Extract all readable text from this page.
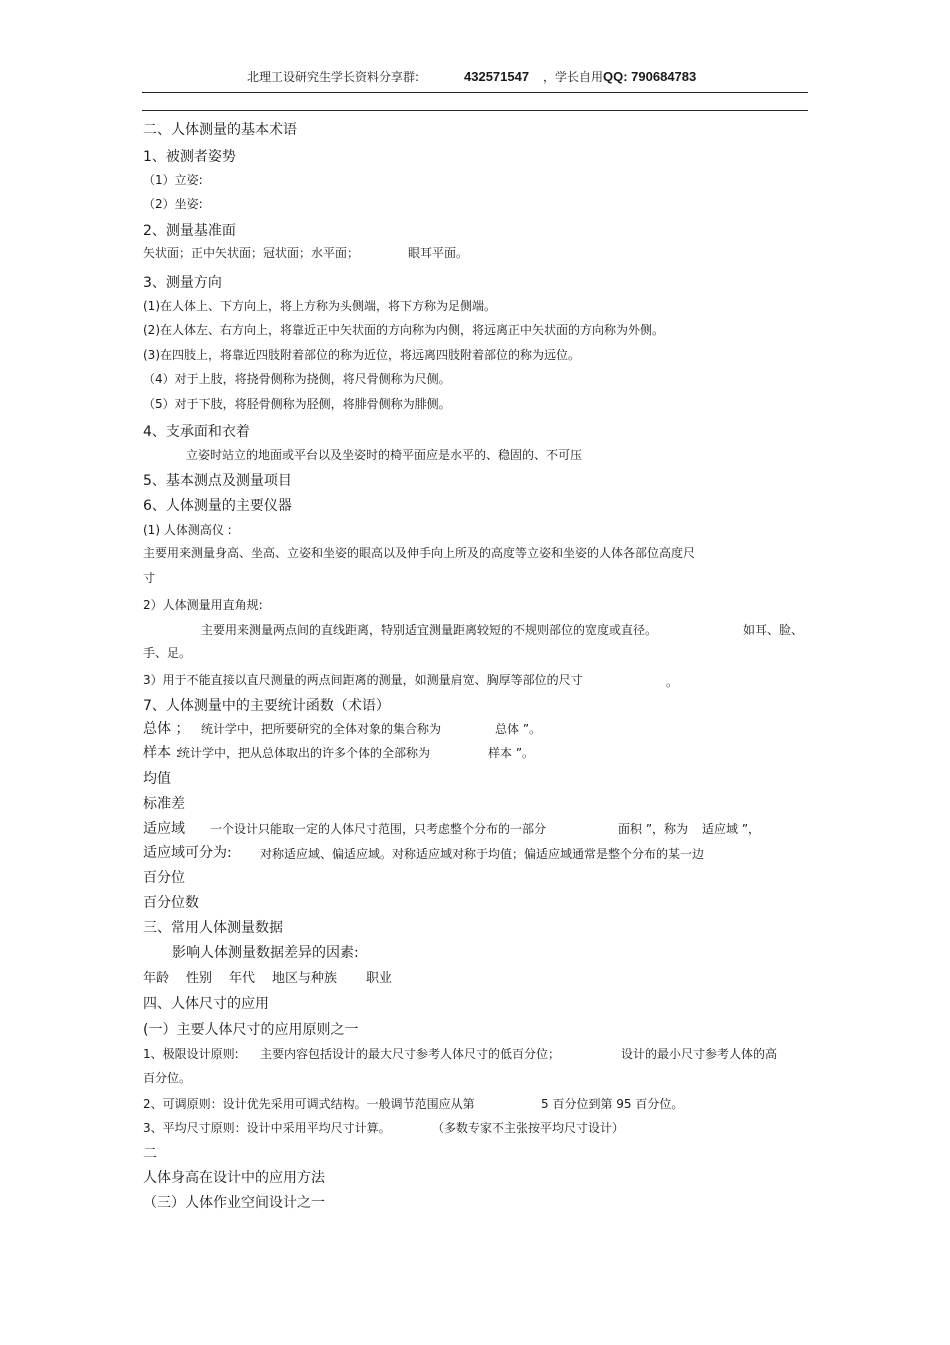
北理工设研究生学长资料分享群:	432571547 ，学长自用 QQ: 790684783
二、人体测量的基本术语
1、被测者姿势
（1）立姿:
（2）坐姿:
2、测量基准面
矢状面；正中矢状面；冠状面；水平面；	眼耳平面。
3、测量方向
(1)在人体上、下方向上，将上方称为头侧端，将下方称为足侧端。
(2)在人体左、右方向上，将靠近正中矢状面的方向称为内侧，将远离正中矢状面的方向称为外侧。
(3)在四肢上，将靠近四肢附着部位的称为近位，将远离四肢附着部位的称为远位。
（4）对于上肢，将挠骨侧称为挠侧，将尺骨侧称为尺侧。
（5）对于下肢，将胫骨侧称为胫侧，将腓骨侧称为腓侧。
4、支承面和衣着
立姿时站立的地面或平台以及坐姿时的椅平面应是水平的、稳固的、不可压
5、基本测点及测量项目
6、人体测量的主要仪器
(1) 人体测高仪 :
主要用来测量身高、坐高、立姿和坐姿的眼高以及伸手向上所及的高度等立姿和坐姿的人体各部位高度尺
寸
2）人体测量用直角规:
主要用来测量两点间的直线距离，特别适宜测量距离较短的不规则部位的宽度或直径。	如耳、脸、
手、足。
3）用于不能直接以直尺测量的两点间距离的测量，如测量肩宽、胸厚等部位的尺寸	。
7、人体测量中的主要统计函数（术语）
总体 ； 统计学中，把所要研究的全体对象的集合称为	总体 ”。
样本 :
统计学中，把从总体取出的许多个体的全部称为	样本 ”。
均值
标准差
适应域 一个设计只能取一定的人体尺寸范围，只考虑整个分布的一部分	面积 ”，称为 适应域 ”，
适应域可分为: 对称适应域、偏适应域。对称适应域对称于均值；偏适应域通常是整个分布的某一边
百分位
百分位数
三、常用人体测量数据
影响人体测量数据差异的因素:
年龄 性别 年代 地区与种族 职业
四、人体尺寸的应用
(一）主要人体尺寸的应用原则之一
1、极限设计原则: 主要内容包括设计的最大尺寸参考人体尺寸的低百分位；	设计的最小尺寸参考人体的高
百分位。
2、可调原则：设计优先采用可调式结构。一般调节范围应从第	5 百分位到第 95 百分位。
3、平均尺寸原则：设计中采用平均尺寸计算。	（多数专家不主张按平均尺寸设计）
二
人体身高在设计中的应用方法
（三）人体作业空间设计之一
